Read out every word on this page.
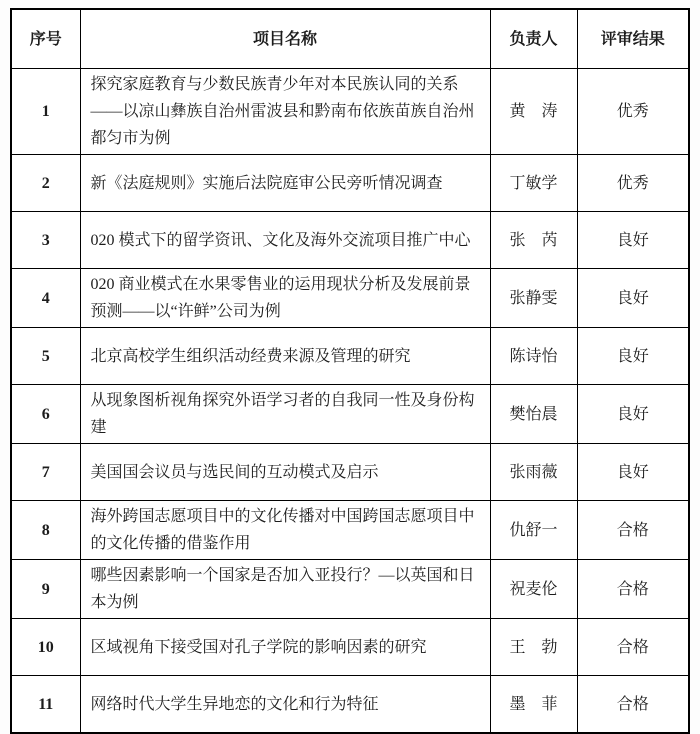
序号	项目名称	负责人	评审结果
1	探究家庭教育与少数民族青少年对本民族认同的关系——以凉山彝族自治州雷波县和黔南布依族苗族自治州都匀市为例	黄　涛	优秀
2	新《法庭规则》实施后法院庭审公民旁听情况调查	丁敏学	优秀
3	020 模式下的留学资讯、文化及海外交流项目推广中心	张　芮	良好
4	020 商业模式在水果零售业的运用现状分析及发展前景预测——以“许鲜”公司为例	张静雯	良好
5	北京高校学生组织活动经费来源及管理的研究	陈诗怡	良好
6	从现象图析视角探究外语学习者的自我同一性及身份构建	樊怡晨	良好
7	美国国会议员与选民间的互动模式及启示	张雨薇	良好
8	海外跨国志愿项目中的文化传播对中国跨国志愿项目中的文化传播的借鉴作用	仇舒一	合格
9	哪些因素影响一个国家是否加入亚投行？—以英国和日本为例	祝麦伦	合格
10	区域视角下接受国对孔子学院的影响因素的研究	王　勃	合格
11	网络时代大学生异地恋的文化和行为特征	墨　菲	合格
